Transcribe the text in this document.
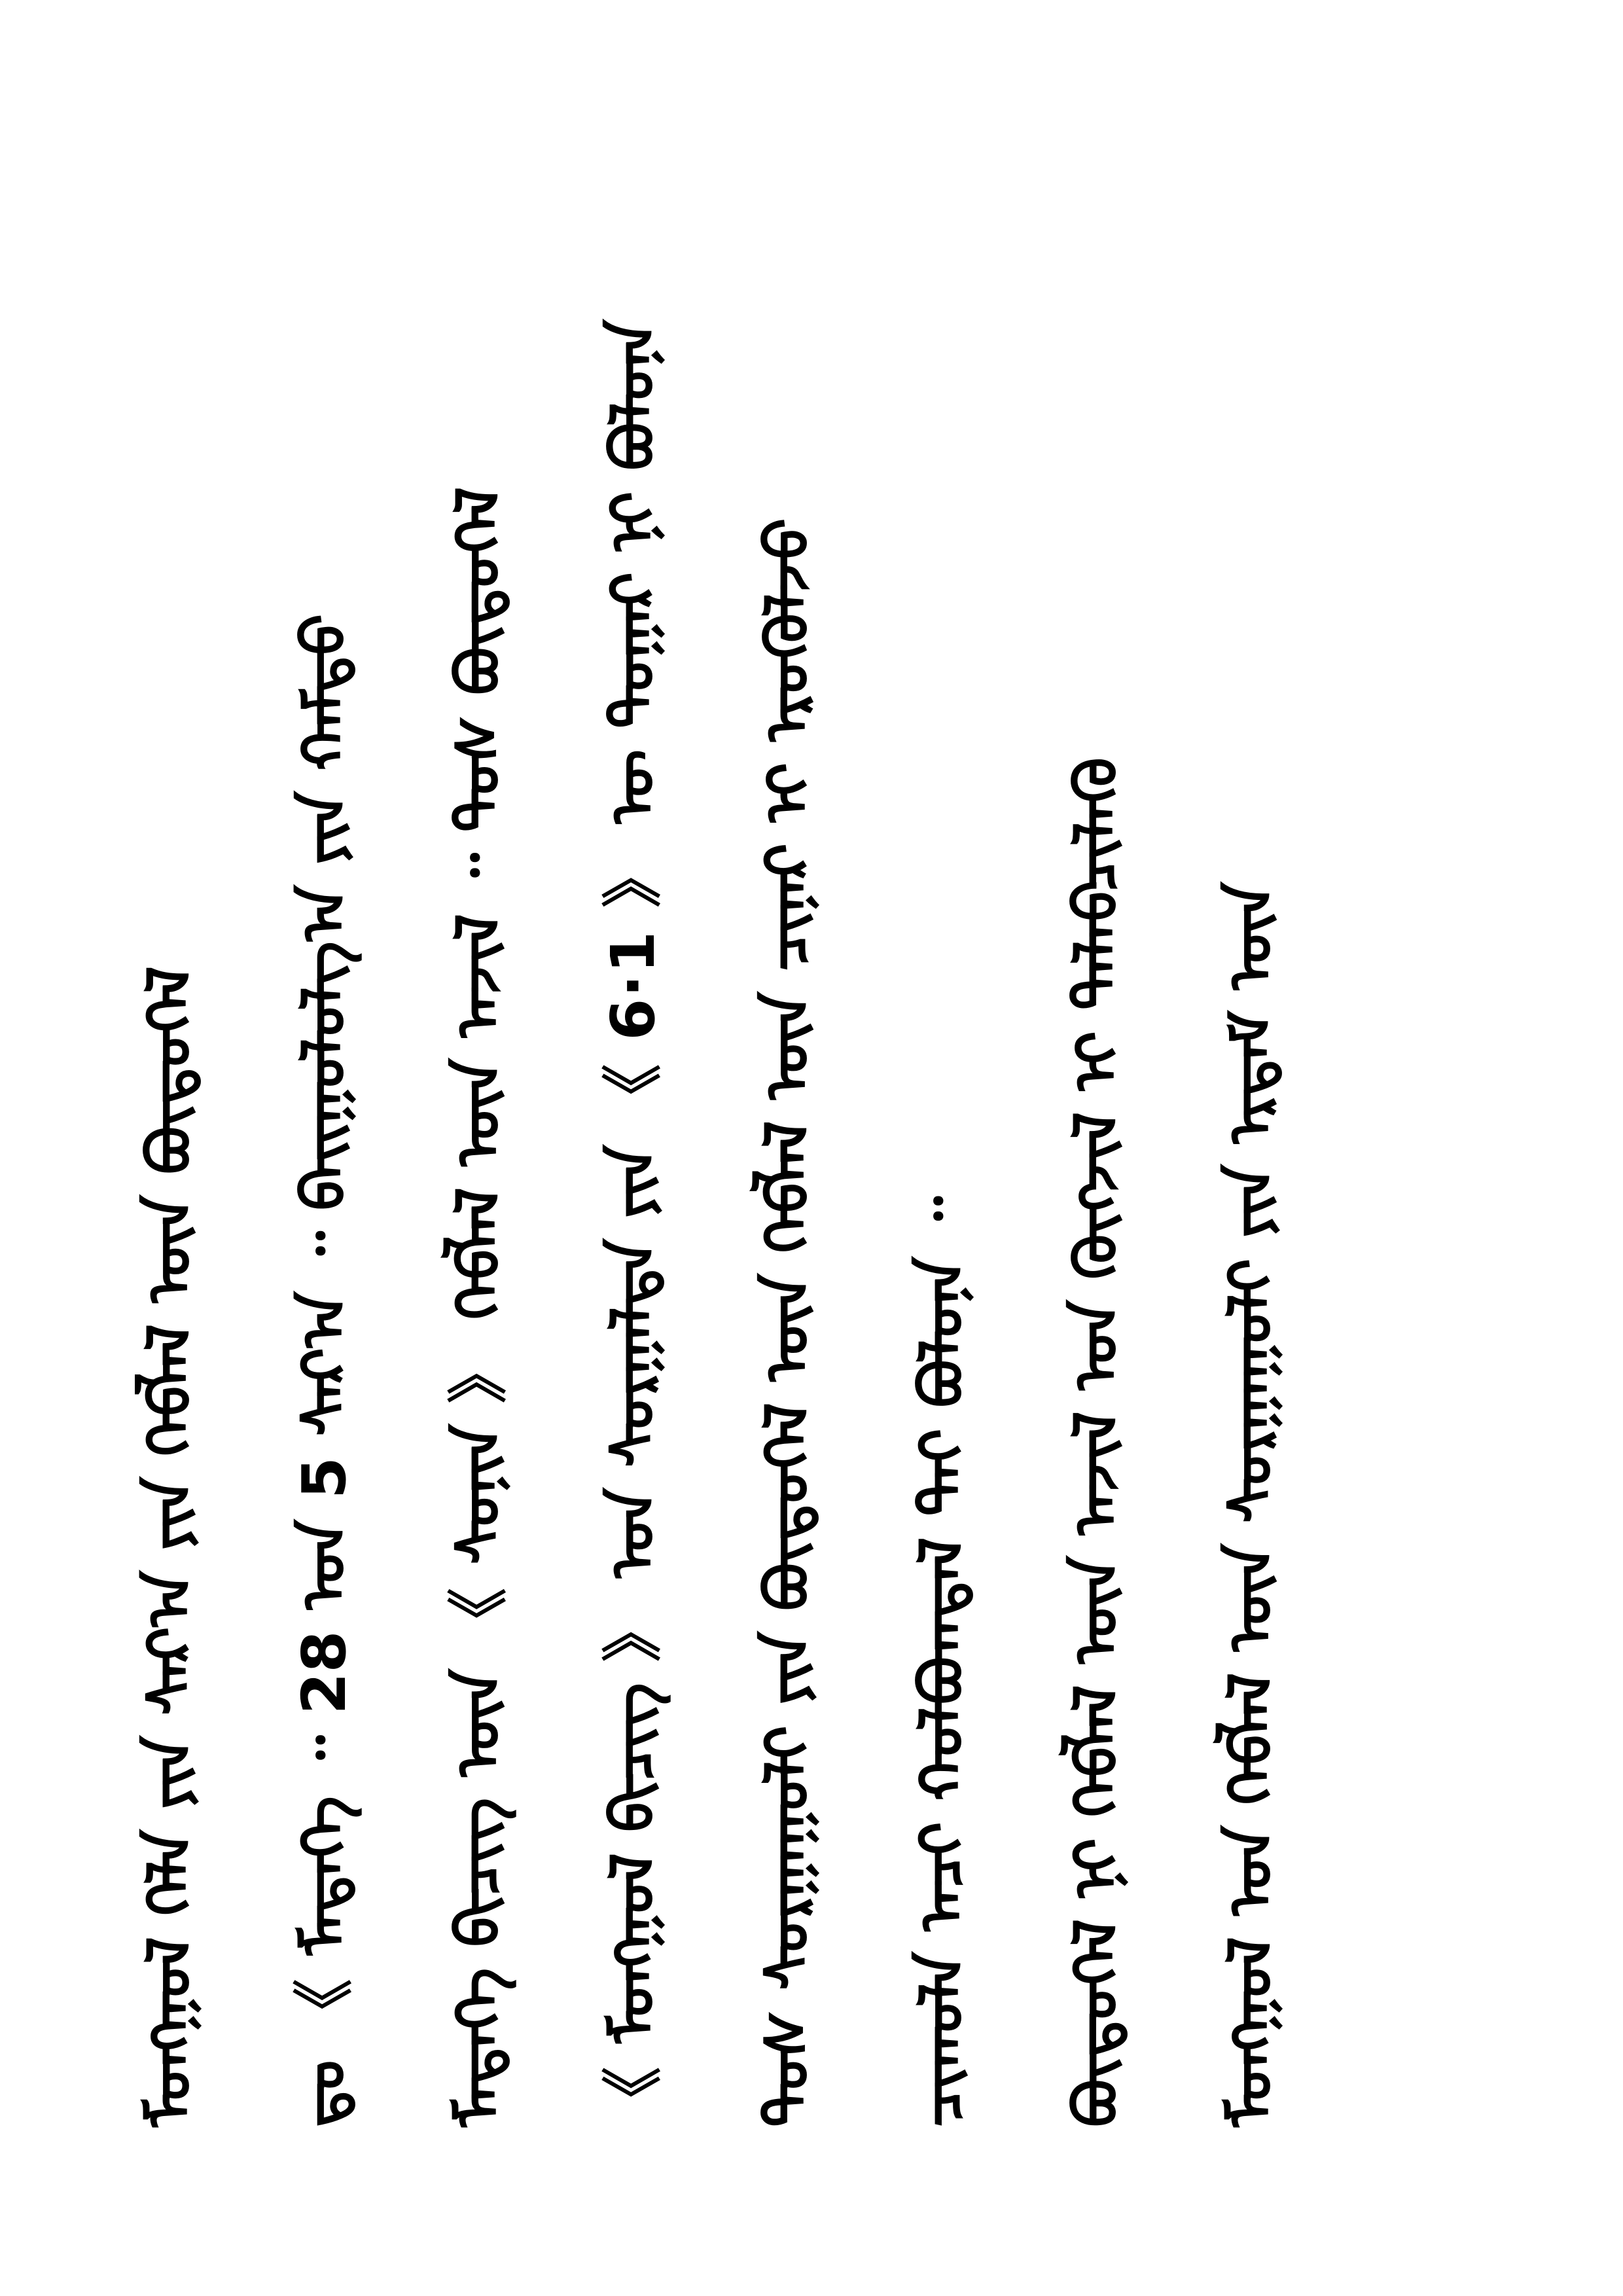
ᠮᠣᠩᠭᠣᠯ ᠤᠨ ᠬᠡᠪᠯᠡᠯ ᠦᠨ ᠰᠤᠷᠭᠠᠭᠤᠯᠢ ᠶᠢᠨ ᠡᠷᠳᠡᠮ ᠦᠨ
ᠪᠦᠲᠦᠭᠡᠯ ᠨᠢ ᠬᠡᠪᠯᠡᠯ ᠦᠨ ᠠᠵᠢᠯ ᠤᠨ ᠬᠥᠭᠵᠢᠯ ᠢ ᠲᠡᠯᠡᠪᠴᠢᠯᠡᠬᠦ
ᠴᠢᠬᠤᠯᠠ ᠠᠴᠢ ᠬᠣᠯᠪᠣᠭᠳᠠᠯ ᠲᠠᠢ ᠪᠣᠯᠤᠨᠠ ᠃
ᠲᠤᠰ ᠰᠤᠷᠭᠠᠭᠤᠯᠢ ᠶᠢᠨ ᠪᠦᠲᠦᠭᠡᠯ ᠦᠨ ᠬᠡᠪᠯᠡᠯ ᠦᠨ ᠴᠢᠨᠠᠷ ᠢ ᠡᠷᠦᠭᠦᠯᠵᠦ
《 ᠮᠣᠩᠭᠣᠯ ᠪᠢᠴᠢᠭ 》 ᠤᠨ ᠰᠤᠷᠭᠠᠯᠲᠠ ᠶᠢᠨ 《 6·1 》 ᠦ ᠳᠤᠭᠠᠷ ᠨᠢ ᠪᠣᠯᠤᠨᠠ
ᠮᠡᠳᠡᠭᠡ ᠪᠢᠴᠢᠭ ᠦᠨ 《 ᠰᠣᠨᠢᠨ 》 ᠬᠡᠪᠯᠡᠯ ᠦᠨ ᠠᠵᠢᠯ ᠃ ᠲᠤᠰ ᠪᠦᠲᠦᠭᠡᠯ
ᠳᠤ 《 ᠮᠡᠳᠡᠭᠡ ᠃ 28 ᠤᠨ 5 ᠰᠠᠷ᠎ᠠ ᠃ ᠪᠠᠢᠭᠤᠯᠤᠯᠭ᠎ᠠ ᠶᠢᠨ ᠬᠠᠮᠲᠤ
ᠮᠣᠩᠭᠣᠯ ᠬᠡᠯᠡ ᠶᠢᠨ ᠰᠠᠷ᠎ᠠ ᠶᠢᠨ ᠬᠡᠪᠯᠡᠯ ᠦᠨ ᠪᠦᠲᠦᠭᠡᠯ
